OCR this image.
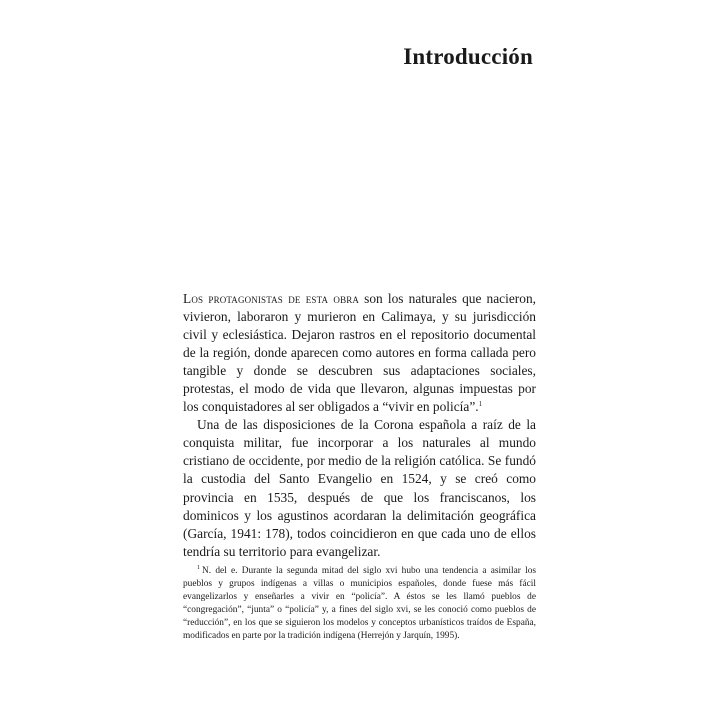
Introducción

Los protagonistas de esta obra son los naturales que nacieron, vivieron, laboraron y murieron en Calimaya, y su jurisdicción civil y eclesiástica. Dejaron rastros en el repositorio documental de la región, donde aparecen como autores en forma callada pero tangible y donde se descubren sus adaptaciones sociales, protestas, el modo de vida que llevaron, algunas impuestas por los conquistadores al ser obligados a “vivir en policía”.$^1$

Una de las disposiciones de la Corona española a raíz de la conquista militar, fue incorporar a los naturales al mundo cristiano de occidente, por medio de la religión católica. Se fundó la custodia del Santo Evangelio en 1524, y se creó como provincia en 1535, después de que los franciscanos, los dominicos y los agustinos acordaran la delimitación geográfica (García, 1941: 178), todos coincidieron en que cada uno de ellos tendría su territorio para evangelizar.

$^1$ N. del e. Durante la segunda mitad del siglo xvi hubo una tendencia a asimilar los pueblos y grupos indígenas a villas o municipios españoles, donde fuese más fácil evangelizarlos y enseñarles a vivir en “policía”. A éstos se les llamó pueblos de “congregación”, “junta” o “policía” y, a fines del siglo xvi, se les conoció como pueblos de “reducción”, en los que se siguieron los modelos y conceptos urbanísticos traídos de España, modificados en parte por la tradición indígena (Herrejón y Jarquín, 1995).
